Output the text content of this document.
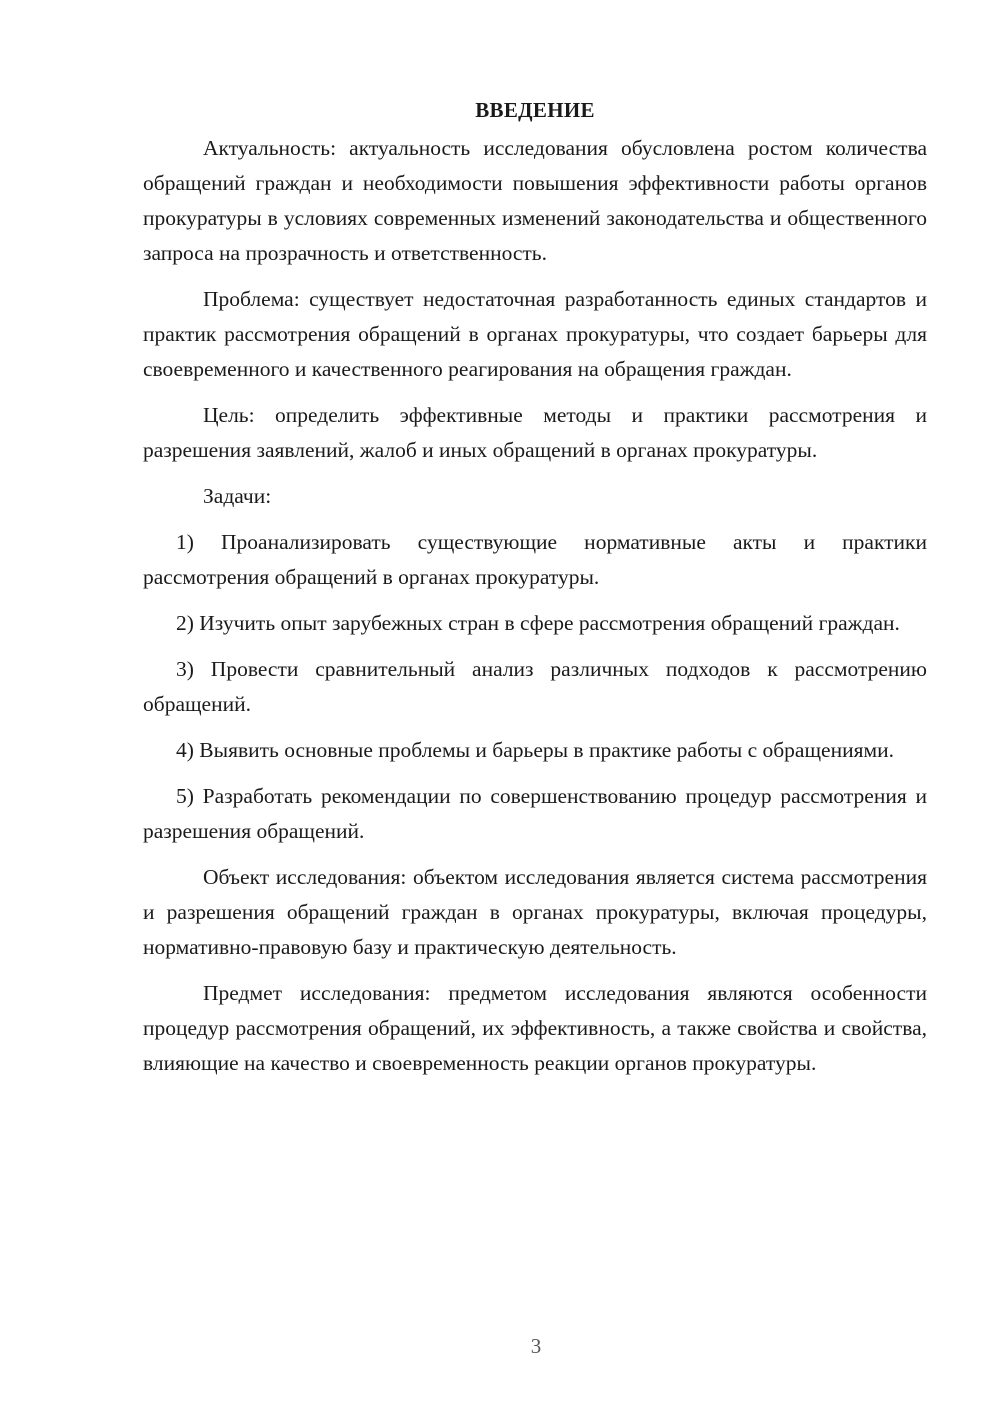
ВВЕДЕНИЕ

Актуальность: актуальность исследования обусловлена ростом количества обращений граждан и необходимости повышения эффективности работы органов прокуратуры в условиях современных изменений законодательства и общественного запроса на прозрачность и ответственность.

Проблема: существует недостаточная разработанность единых стандартов и практик рассмотрения обращений в органах прокуратуры, что создает барьеры для своевременного и качественного реагирования на обращения граждан.

Цель: определить эффективные методы и практики рассмотрения и разрешения заявлений, жалоб и иных обращений в органах прокуратуры.

Задачи:

1) Проанализировать существующие нормативные акты и практики рассмотрения обращений в органах прокуратуры.

2) Изучить опыт зарубежных стран в сфере рассмотрения обращений граждан.

3) Провести сравнительный анализ различных подходов к рассмотрению обращений.

4) Выявить основные проблемы и барьеры в практике работы с обращениями.

5) Разработать рекомендации по совершенствованию процедур рассмотрения и разрешения обращений.

Объект исследования: объектом исследования является система рассмотрения и разрешения обращений граждан в органах прокуратуры, включая процедуры, нормативно-правовую базу и практическую деятельность.

Предмет исследования: предметом исследования являются особенности процедур рассмотрения обращений, их эффективность, а также свойства и свойства, влияющие на качество и своевременность реакции органов прокуратуры.

3
